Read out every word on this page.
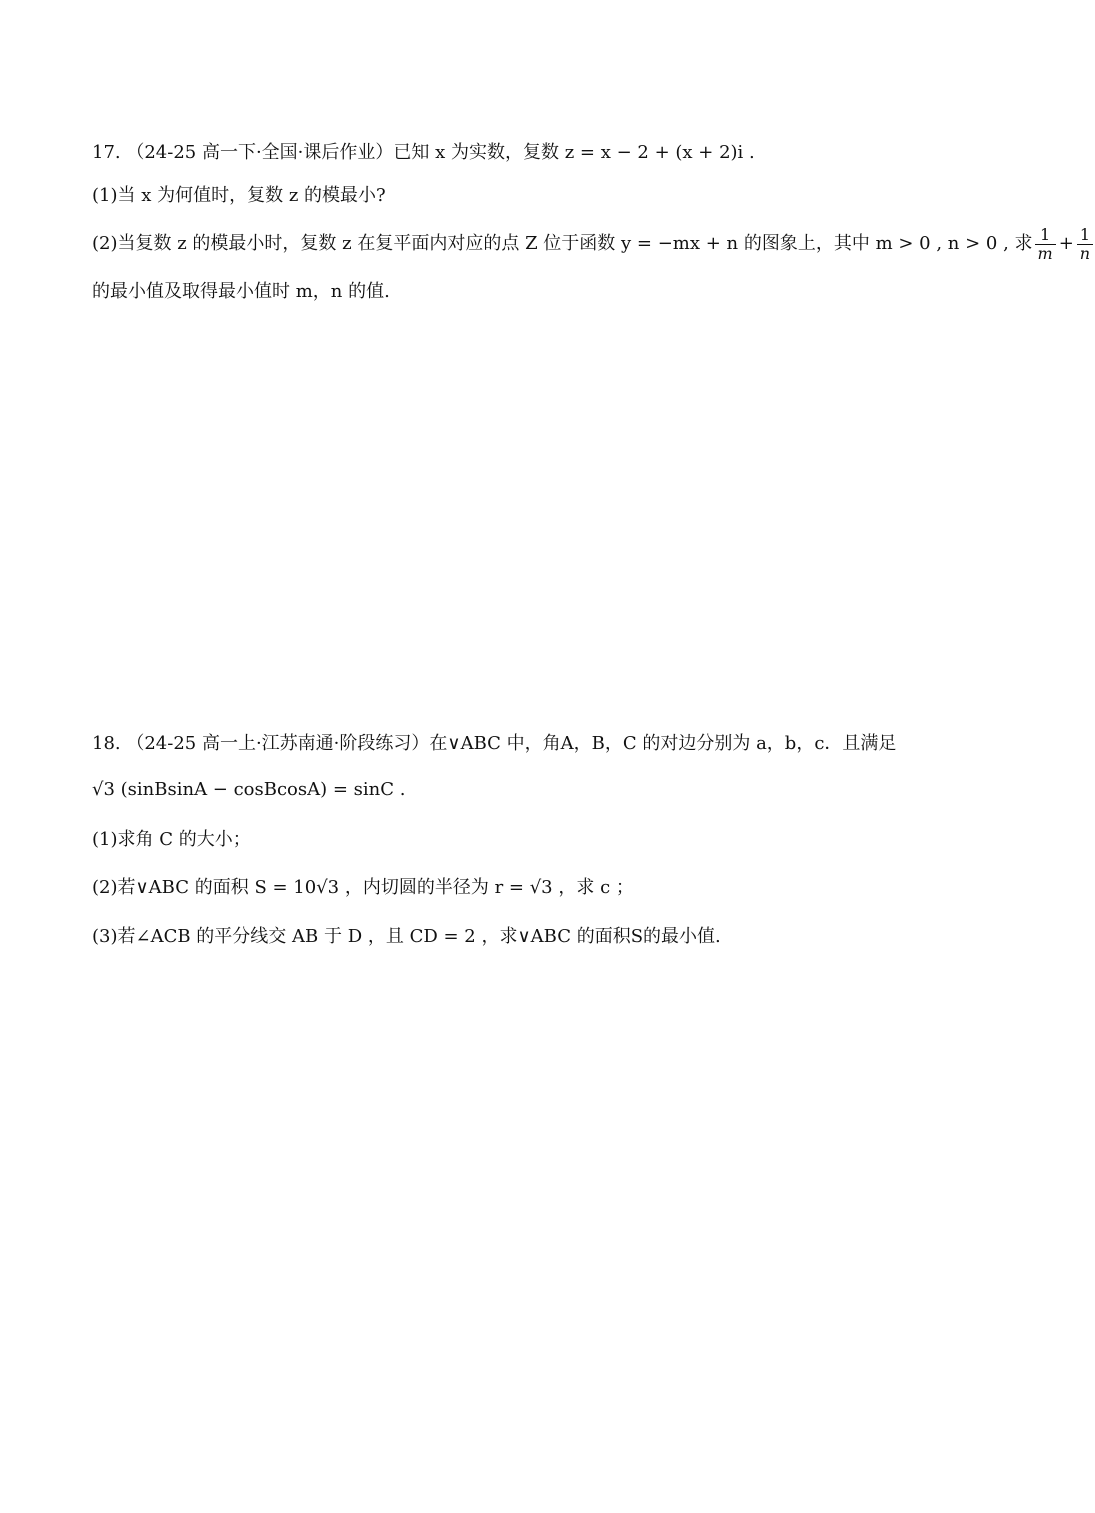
17. （24-25 高一下·全国·课后作业）已知 x 为实数，复数 z = x − 2 + (x + 2)i .
(1)当 x 为何值时，复数 z 的模最小?
(2)当复数 z 的模最小时，复数 z 在复平面内对应的点 Z 位于函数 y = −mx + n 的图象上，其中 m > 0 , n > 0 , 求 $\frac{1}{m} + \frac{1}{n}$
的最小值及取得最小值时 m，n 的值.
18. （24-25 高一上·江苏南通·阶段练习）在∨ABC 中，角A，B，C 的对边分别为 a，b，c．且满足
√3 (sinBsinA − cosBcosA) = sinC .
(1)求角 C 的大小；
(2)若∨ABC 的面积 S = 10√3 ，内切圆的半径为 r = √3 ，求 c ；
(3)若∠ACB 的平分线交 AB 于 D ，且 CD = 2 ，求∨ABC 的面积S的最小值.
